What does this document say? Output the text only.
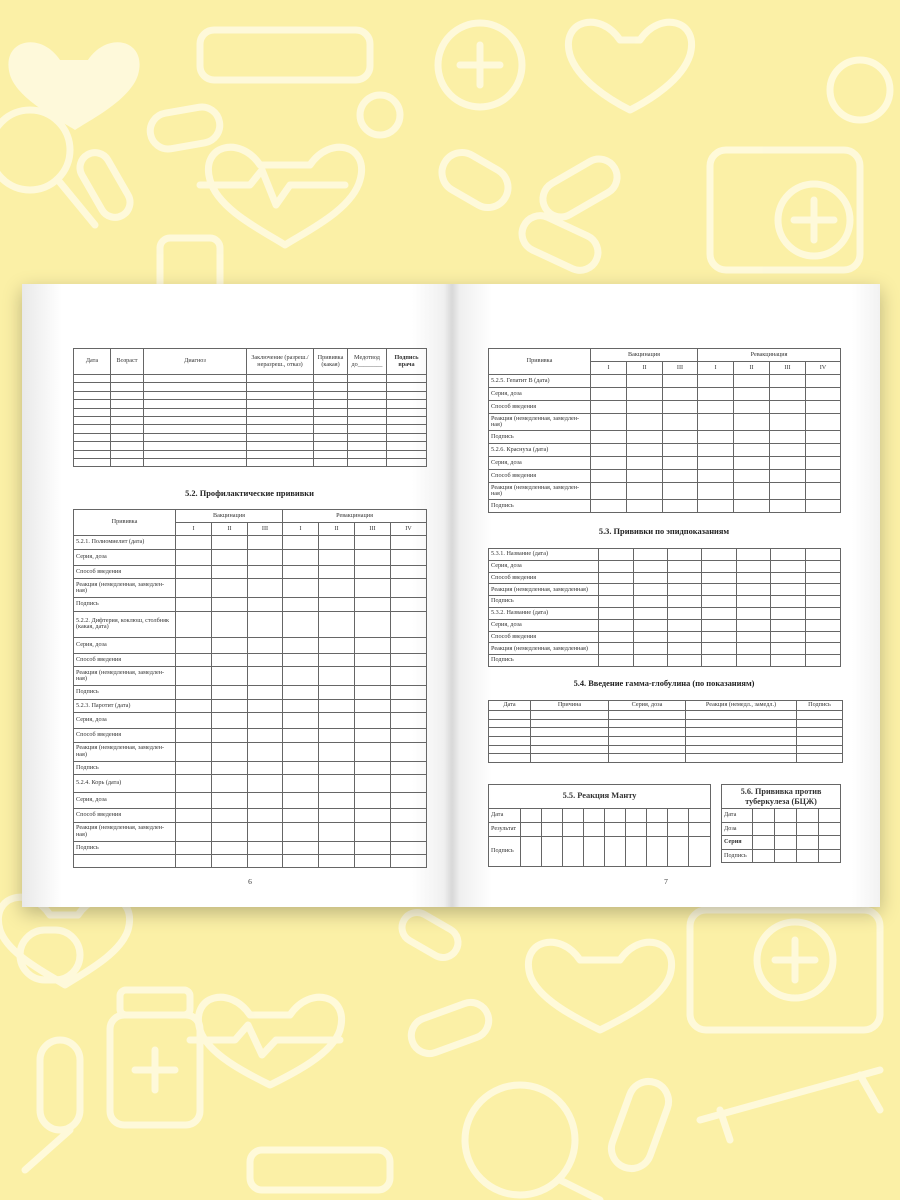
Дата	Возраст	Диагноз	Заключение (разреш./неразреш., отказ)	Прививка (какая)	Медотвод до________	Подпись врача

5.2. Профилактические прививки
Прививка	Вакцинация			Ревакцинация			
	I	II	III	I	II	III	IV
5.2.1. Полиомиелит (дата)							
Серия, доза							
Способ введения							
Реакция (немедленная, замедлен-ная)							
Подпись							
5.2.2. Дифтерия, коклюш, столбняк (какая, дата)							
Серия, доза							
Способ введения							
Реакция (немедленная, замедлен-ная)							
Подпись							
5.2.3. Паротит (дата)							
Серия, доза							
Способ введения							
Реакция (немедленная, замедлен-ная)							
Подпись							
5.2.4. Корь (дата)							
Серия, доза							
Способ введения							
Реакция (немедленная, замедлен-ная)							
Подпись							

6
Прививка	Вакцинация			Ревакцинация			
	I	II	III	I	II	III	IV
5.2.5. Гепатит В (дата)							
Серия, доза							
Способ введения							
Реакция (немедленная, замедлен-ная)							
Подпись							
5.2.6. Краснуха (дата)							
Серия, доза							
Способ введения							
Реакция (немедленная, замедлен-ная)							
Подпись							
5.3. Прививки по эпидпоказаниям
5.3.1. Название (дата)							
Серия, доза							
Способ введения							
Реакция (немедленная, замедленная)							
Подпись							
5.3.2. Название (дата)							
Серия, доза							
Способ введения							
Реакция (немедленная, замедленная)							
Подпись							
5.4. Введение гамма-глобулина (по показаниям)
Дата	Причина	Серия, доза	Реакция (немедл., замедл.)	Подпись

5.5. Реакция Манту									
Дата									
Результат									
Подпись									
5.6. Прививка против туберкулеза (БЦЖ)				
Дата				
Доза				
Серия				
Подпись				
7
